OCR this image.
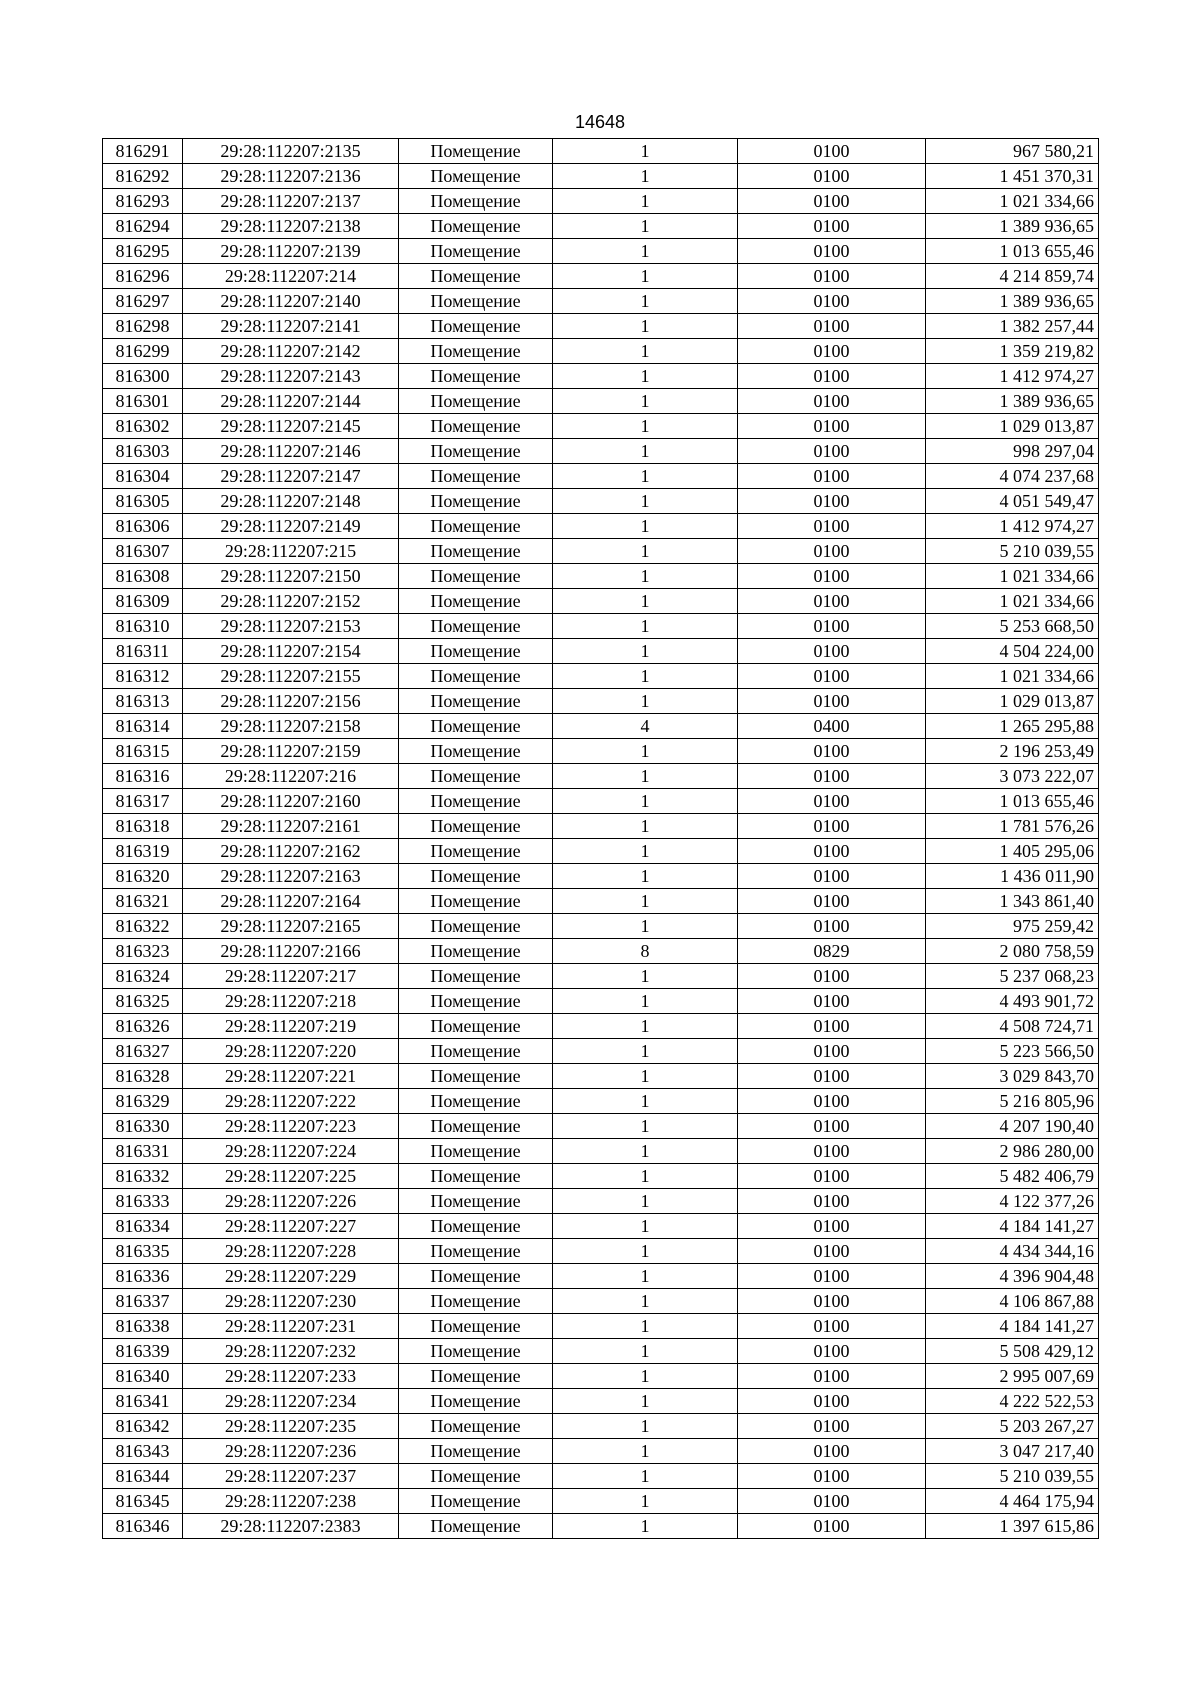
14648
816291	29:28:112207:2135	Помещение	1	0100	967 580,21
816292	29:28:112207:2136	Помещение	1	0100	1 451 370,31
816293	29:28:112207:2137	Помещение	1	0100	1 021 334,66
816294	29:28:112207:2138	Помещение	1	0100	1 389 936,65
816295	29:28:112207:2139	Помещение	1	0100	1 013 655,46
816296	29:28:112207:214	Помещение	1	0100	4 214 859,74
816297	29:28:112207:2140	Помещение	1	0100	1 389 936,65
816298	29:28:112207:2141	Помещение	1	0100	1 382 257,44
816299	29:28:112207:2142	Помещение	1	0100	1 359 219,82
816300	29:28:112207:2143	Помещение	1	0100	1 412 974,27
816301	29:28:112207:2144	Помещение	1	0100	1 389 936,65
816302	29:28:112207:2145	Помещение	1	0100	1 029 013,87
816303	29:28:112207:2146	Помещение	1	0100	998 297,04
816304	29:28:112207:2147	Помещение	1	0100	4 074 237,68
816305	29:28:112207:2148	Помещение	1	0100	4 051 549,47
816306	29:28:112207:2149	Помещение	1	0100	1 412 974,27
816307	29:28:112207:215	Помещение	1	0100	5 210 039,55
816308	29:28:112207:2150	Помещение	1	0100	1 021 334,66
816309	29:28:112207:2152	Помещение	1	0100	1 021 334,66
816310	29:28:112207:2153	Помещение	1	0100	5 253 668,50
816311	29:28:112207:2154	Помещение	1	0100	4 504 224,00
816312	29:28:112207:2155	Помещение	1	0100	1 021 334,66
816313	29:28:112207:2156	Помещение	1	0100	1 029 013,87
816314	29:28:112207:2158	Помещение	4	0400	1 265 295,88
816315	29:28:112207:2159	Помещение	1	0100	2 196 253,49
816316	29:28:112207:216	Помещение	1	0100	3 073 222,07
816317	29:28:112207:2160	Помещение	1	0100	1 013 655,46
816318	29:28:112207:2161	Помещение	1	0100	1 781 576,26
816319	29:28:112207:2162	Помещение	1	0100	1 405 295,06
816320	29:28:112207:2163	Помещение	1	0100	1 436 011,90
816321	29:28:112207:2164	Помещение	1	0100	1 343 861,40
816322	29:28:112207:2165	Помещение	1	0100	975 259,42
816323	29:28:112207:2166	Помещение	8	0829	2 080 758,59
816324	29:28:112207:217	Помещение	1	0100	5 237 068,23
816325	29:28:112207:218	Помещение	1	0100	4 493 901,72
816326	29:28:112207:219	Помещение	1	0100	4 508 724,71
816327	29:28:112207:220	Помещение	1	0100	5 223 566,50
816328	29:28:112207:221	Помещение	1	0100	3 029 843,70
816329	29:28:112207:222	Помещение	1	0100	5 216 805,96
816330	29:28:112207:223	Помещение	1	0100	4 207 190,40
816331	29:28:112207:224	Помещение	1	0100	2 986 280,00
816332	29:28:112207:225	Помещение	1	0100	5 482 406,79
816333	29:28:112207:226	Помещение	1	0100	4 122 377,26
816334	29:28:112207:227	Помещение	1	0100	4 184 141,27
816335	29:28:112207:228	Помещение	1	0100	4 434 344,16
816336	29:28:112207:229	Помещение	1	0100	4 396 904,48
816337	29:28:112207:230	Помещение	1	0100	4 106 867,88
816338	29:28:112207:231	Помещение	1	0100	4 184 141,27
816339	29:28:112207:232	Помещение	1	0100	5 508 429,12
816340	29:28:112207:233	Помещение	1	0100	2 995 007,69
816341	29:28:112207:234	Помещение	1	0100	4 222 522,53
816342	29:28:112207:235	Помещение	1	0100	5 203 267,27
816343	29:28:112207:236	Помещение	1	0100	3 047 217,40
816344	29:28:112207:237	Помещение	1	0100	5 210 039,55
816345	29:28:112207:238	Помещение	1	0100	4 464 175,94
816346	29:28:112207:2383	Помещение	1	0100	1 397 615,86
